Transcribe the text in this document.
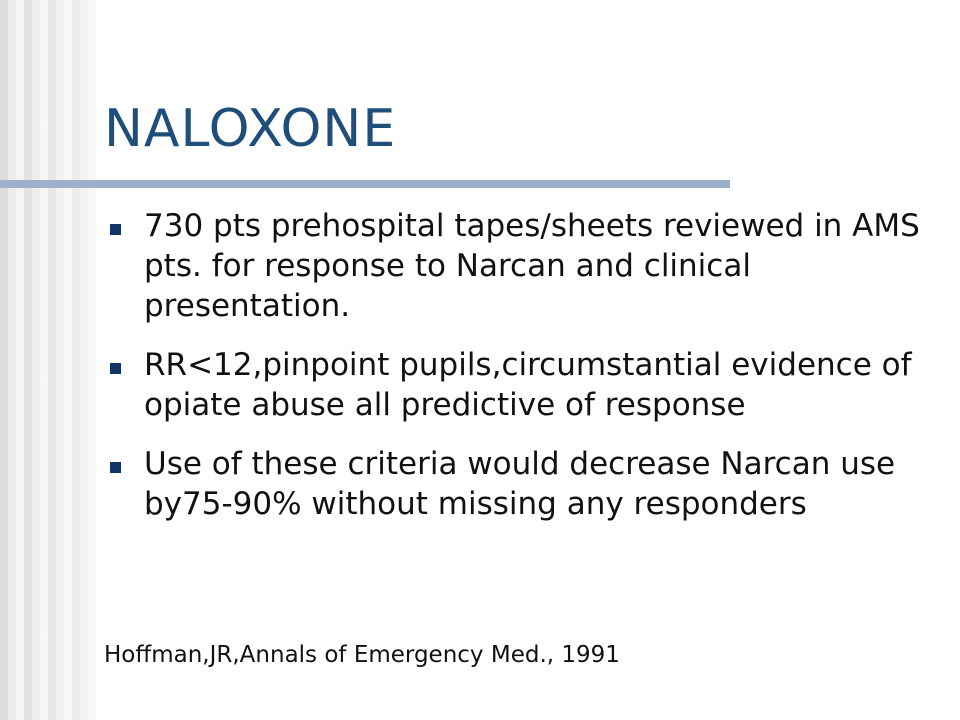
NALOXONE
730 pts prehospital tapes/sheets reviewed in AMS pts. for response to Narcan and clinical presentation.
RR<12,pinpoint pupils,circumstantial evidence of opiate abuse all predictive of response
Use of these criteria would decrease Narcan use by75-90% without missing any responders
Hoffman,JR,Annals of Emergency Med., 1991
